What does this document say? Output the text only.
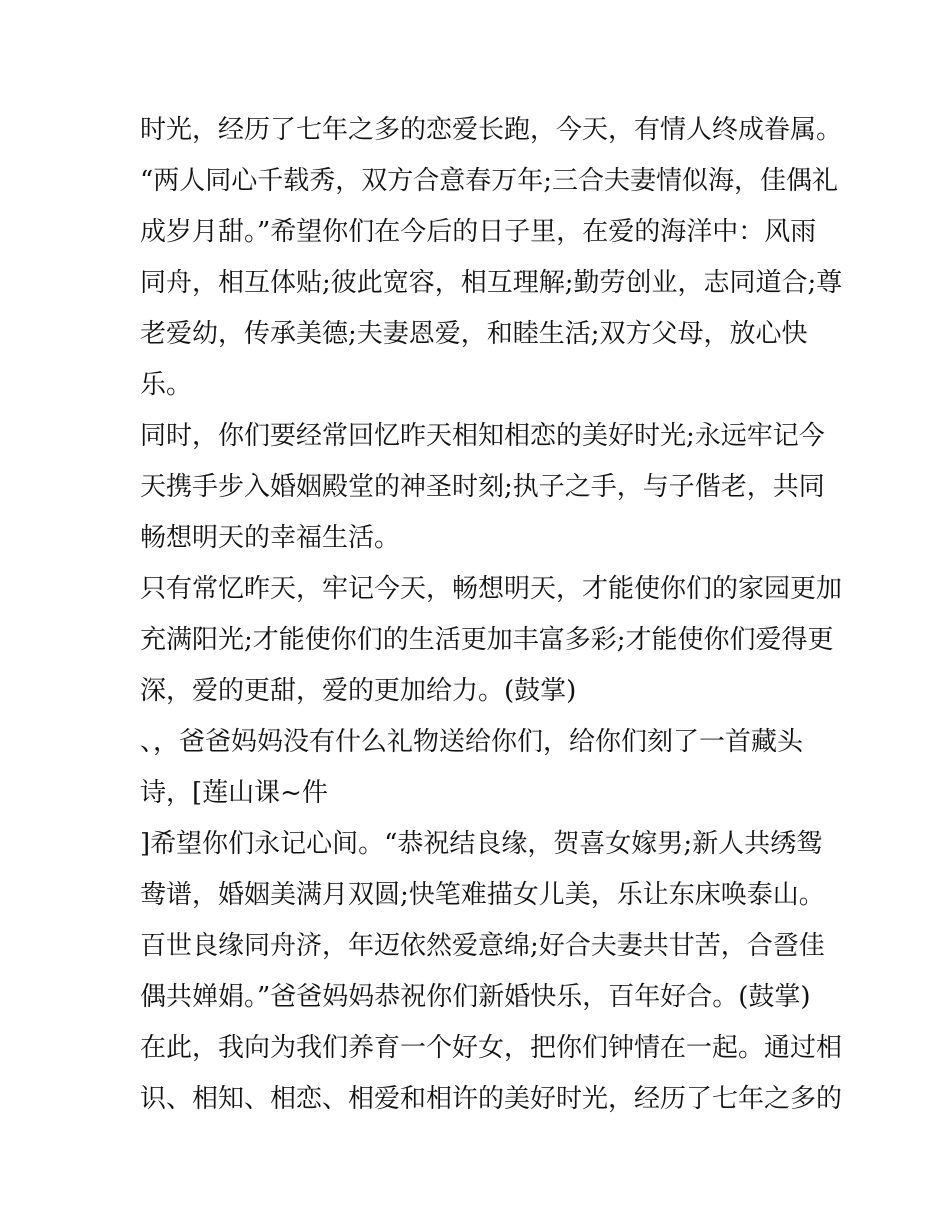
时光，经历了七年之多的恋爱长跑，今天，有情人终成眷属。
“两人同心千载秀，双方合意春万年;三合夫妻情似海，佳偶礼
成岁月甜。”希望你们在今后的日子里，在爱的海洋中：风雨
同舟，相互体贴;彼此宽容，相互理解;勤劳创业，志同道合;尊
老爱幼，传承美德;夫妻恩爱，和睦生活;双方父母，放心快
乐。
同时，你们要经常回忆昨天相知相恋的美好时光;永远牢记今
天携手步入婚姻殿堂的神圣时刻;执子之手，与子偕老，共同
畅想明天的幸福生活。
只有常忆昨天，牢记今天，畅想明天，才能使你们的家园更加
充满阳光;才能使你们的生活更加丰富多彩;才能使你们爱得更
深，爱的更甜，爱的更加给力。(鼓掌)
、，爸爸妈妈没有什么礼物送给你们，给你们刻了一首藏头
诗，[莲山课~件
]希望你们永记心间。“恭祝结良缘，贺喜女嫁男;新人共绣鸳
鸯谱，婚姻美满月双圆;快笔难描女儿美，乐让东床唤泰山。
百世良缘同舟济，年迈依然爱意绵;好合夫妻共甘苦，合巹佳
偶共婵娟。”爸爸妈妈恭祝你们新婚快乐，百年好合。(鼓掌)
在此，我向为我们养育一个好女，把你们钟情在一起。通过相
识、相知、相恋、相爱和相许的美好时光，经历了七年之多的
